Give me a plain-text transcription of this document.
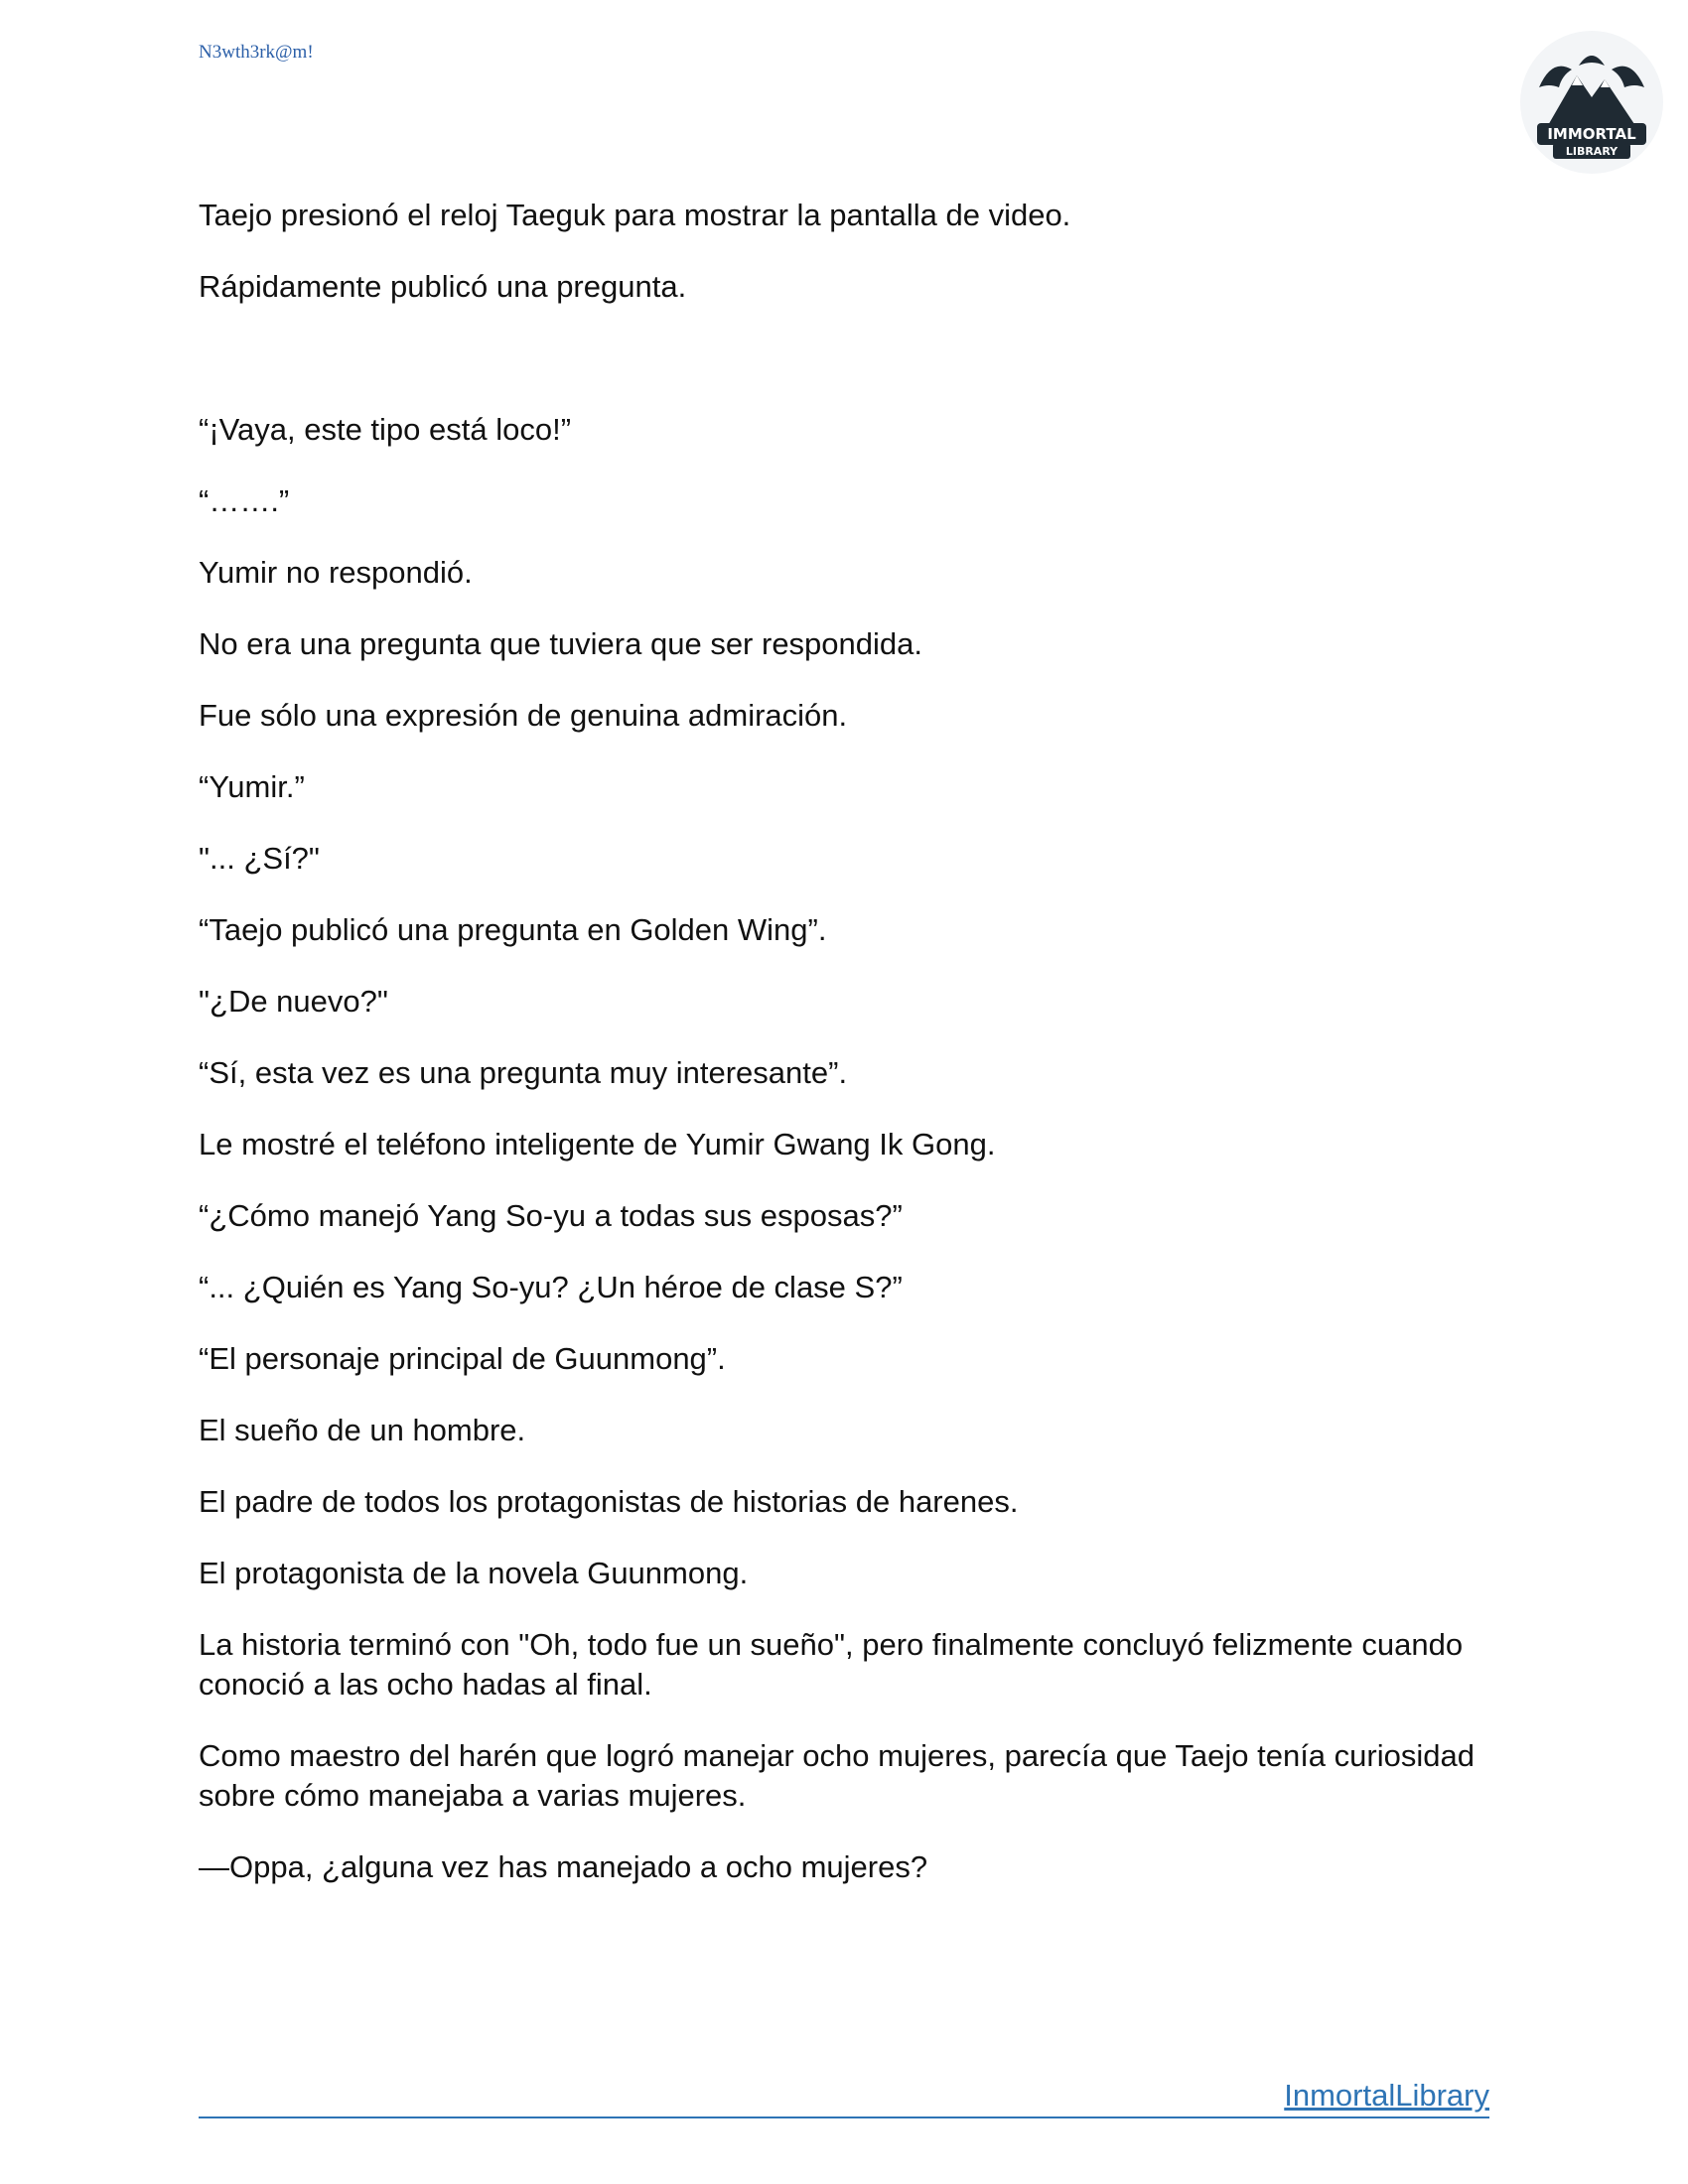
N3wth3rk@m!
IMMORTAL
LIBRARY

Taejo presionó el reloj Taeguk para mostrar la pantalla de video.

Rápidamente publicó una pregunta.

“¡Vaya, este tipo está loco!”

“…….”

Yumir no respondió.

No era una pregunta que tuviera que ser respondida.

Fue sólo una expresión de genuina admiración.

“Yumir.”

"... ¿Sí?"

“Taejo publicó una pregunta en Golden Wing”.

"¿De nuevo?"

“Sí, esta vez es una pregunta muy interesante”.

Le mostré el teléfono inteligente de Yumir Gwang Ik Gong.

“¿Cómo manejó Yang So-yu a todas sus esposas?”

“... ¿Quién es Yang So-yu? ¿Un héroe de clase S?”

“El personaje principal de Guunmong”.

El sueño de un hombre.

El padre de todos los protagonistas de historias de harenes.

El protagonista de la novela Guunmong.

La historia terminó con "Oh, todo fue un sueño", pero finalmente concluyó felizmente cuando conoció a las ocho hadas al final.

Como maestro del harén que logró manejar ocho mujeres, parecía que Taejo tenía curiosidad sobre cómo manejaba a varias mujeres.

—Oppa, ¿alguna vez has manejado a ocho mujeres?

InmortalLibrary
